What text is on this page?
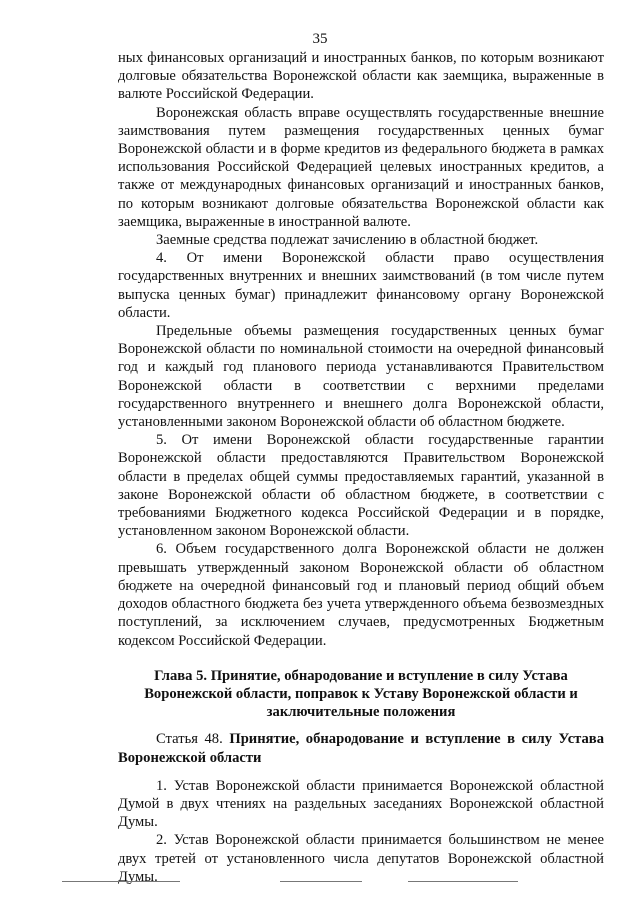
35

ных финансовых организаций и иностранных банков, по которым возникают долговые обязательства Воронежской области как заемщика, выраженные в валюте Российской Федерации.

Воронежская область вправе осуществлять государственные внешние заимствования путем размещения государственных ценных бумаг Воронежской области и в форме кредитов из федерального бюджета в рамках использования Российской Федерацией целевых иностранных кредитов, а также от международных финансовых организаций и иностранных банков, по которым возникают долговые обязательства Воронежской области как заемщика, выраженные в иностранной валюте.

Заемные средства подлежат зачислению в областной бюджет.

4. От имени Воронежской области право осуществления государственных внутренних и внешних заимствований (в том числе путем выпуска ценных бумаг) принадлежит финансовому органу Воронежской области.

Предельные объемы размещения государственных ценных бумаг Воронежской области по номинальной стоимости на очередной финансовый год и каждый год планового периода устанавливаются Правительством Воронежской области в соответствии с верхними пределами государственного внутреннего и внешнего долга Воронежской области, установленными законом Воронежской области об областном бюджете.

5. От имени Воронежской области государственные гарантии Воронежской области предоставляются Правительством Воронежской области в пределах общей суммы предоставляемых гарантий, указанной в законе Воронежской области об областном бюджете, в соответствии с требованиями Бюджетного кодекса Российской Федерации и в порядке, установленном законом Воронежской области.

6. Объем государственного долга Воронежской области не должен превышать утвержденный законом Воронежской области об областном бюджете на очередной финансовый год и плановый период общий объем доходов областного бюджета без учета утвержденного объема безвозмездных поступлений, за исключением случаев, предусмотренных Бюджетным кодексом Российской Федерации.

Глава 5. Принятие, обнародование и вступление в силу Устава Воронежской области, поправок к Уставу Воронежской области и заключительные положения

Статья 48. Принятие, обнародование и вступление в силу Устава Воронежской области

1. Устав Воронежской области принимается Воронежской областной Думой в двух чтениях на раздельных заседаниях Воронежской областной Думы.

2. Устав Воронежской области принимается большинством не менее двух третей от установленного числа депутатов Воронежской областной Думы.
